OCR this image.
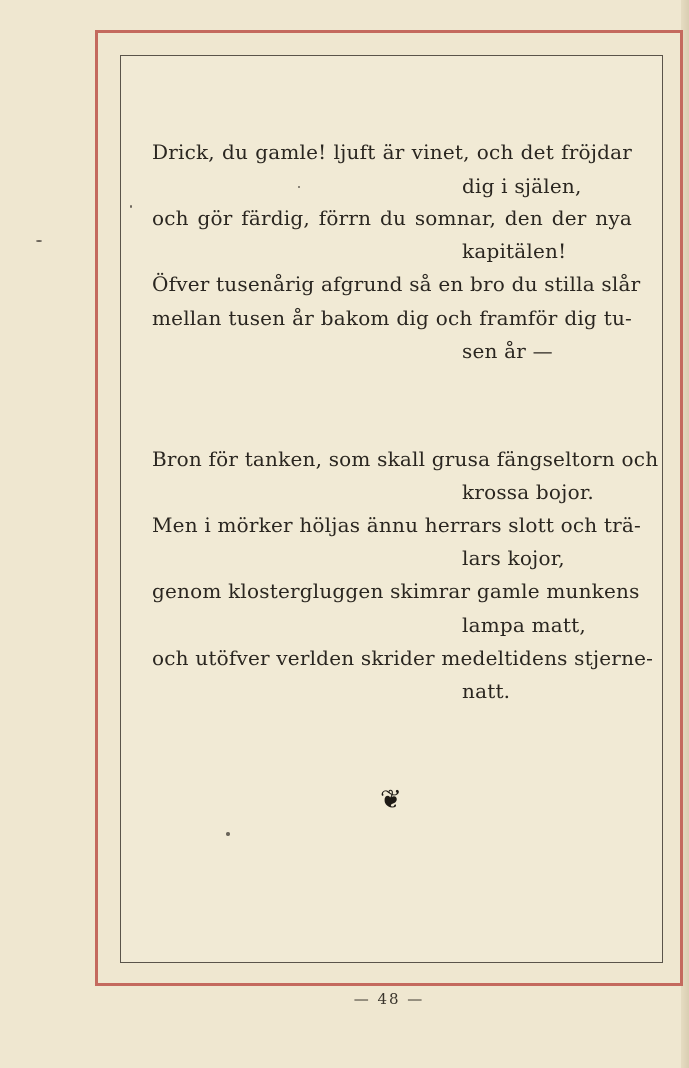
Drick, du gamle! ljuft är vinet, och det fröjdar
dig i själen,
och gör färdig, förrn du somnar, den der nya
kapitälen!
Öfver tusenårig afgrund så en bro du stilla slår
mellan tusen år bakom dig och framför dig tu-
sen år —
Bron för tanken, som skall grusa fängseltorn och
krossa bojor.
Men i mörker höljas ännu herrars slott och trä-
lars kojor,
genom klostergluggen skimrar gamle munkens
lampa matt,
och utöfver verlden skrider medeltidens stjerne-
natt.
❦
— 48 —
